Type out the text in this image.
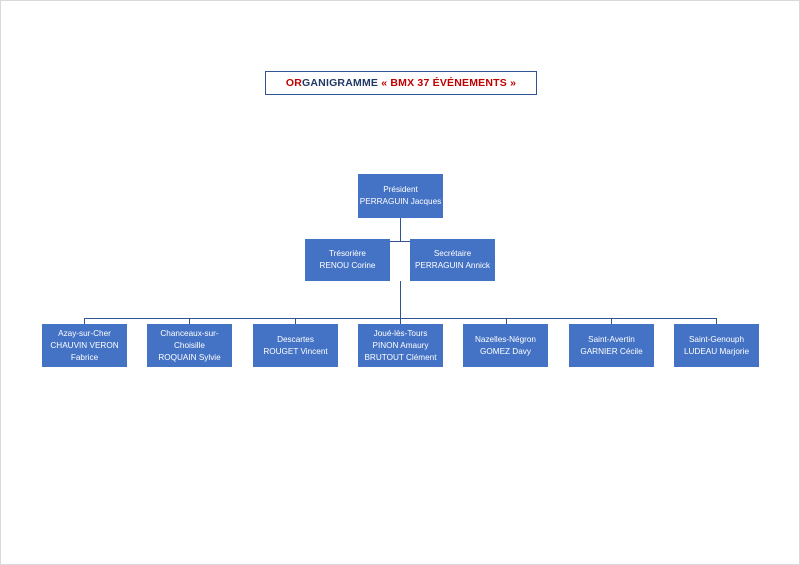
ORGANIGRAMME « BMX 37 ÉVÉNEMENTS »
Président
PERRAGUIN Jacques
Trésorière
RENOU Corine
Secrétaire
PERRAGUIN Annick
Azay-sur-Cher
CHAUVIN VERON
Fabrice
Chanceaux-sur-
Choisille
ROQUAIN Sylvie
Descartes
ROUGET Vincent
Joué-lès-Tours
PINON Amaury
BRUTOUT Clément
Nazelles-Négron
GOMEZ Davy
Saint-Avertin
GARNIER Cécile
Saint-Genouph
LUDEAU Marjorie
